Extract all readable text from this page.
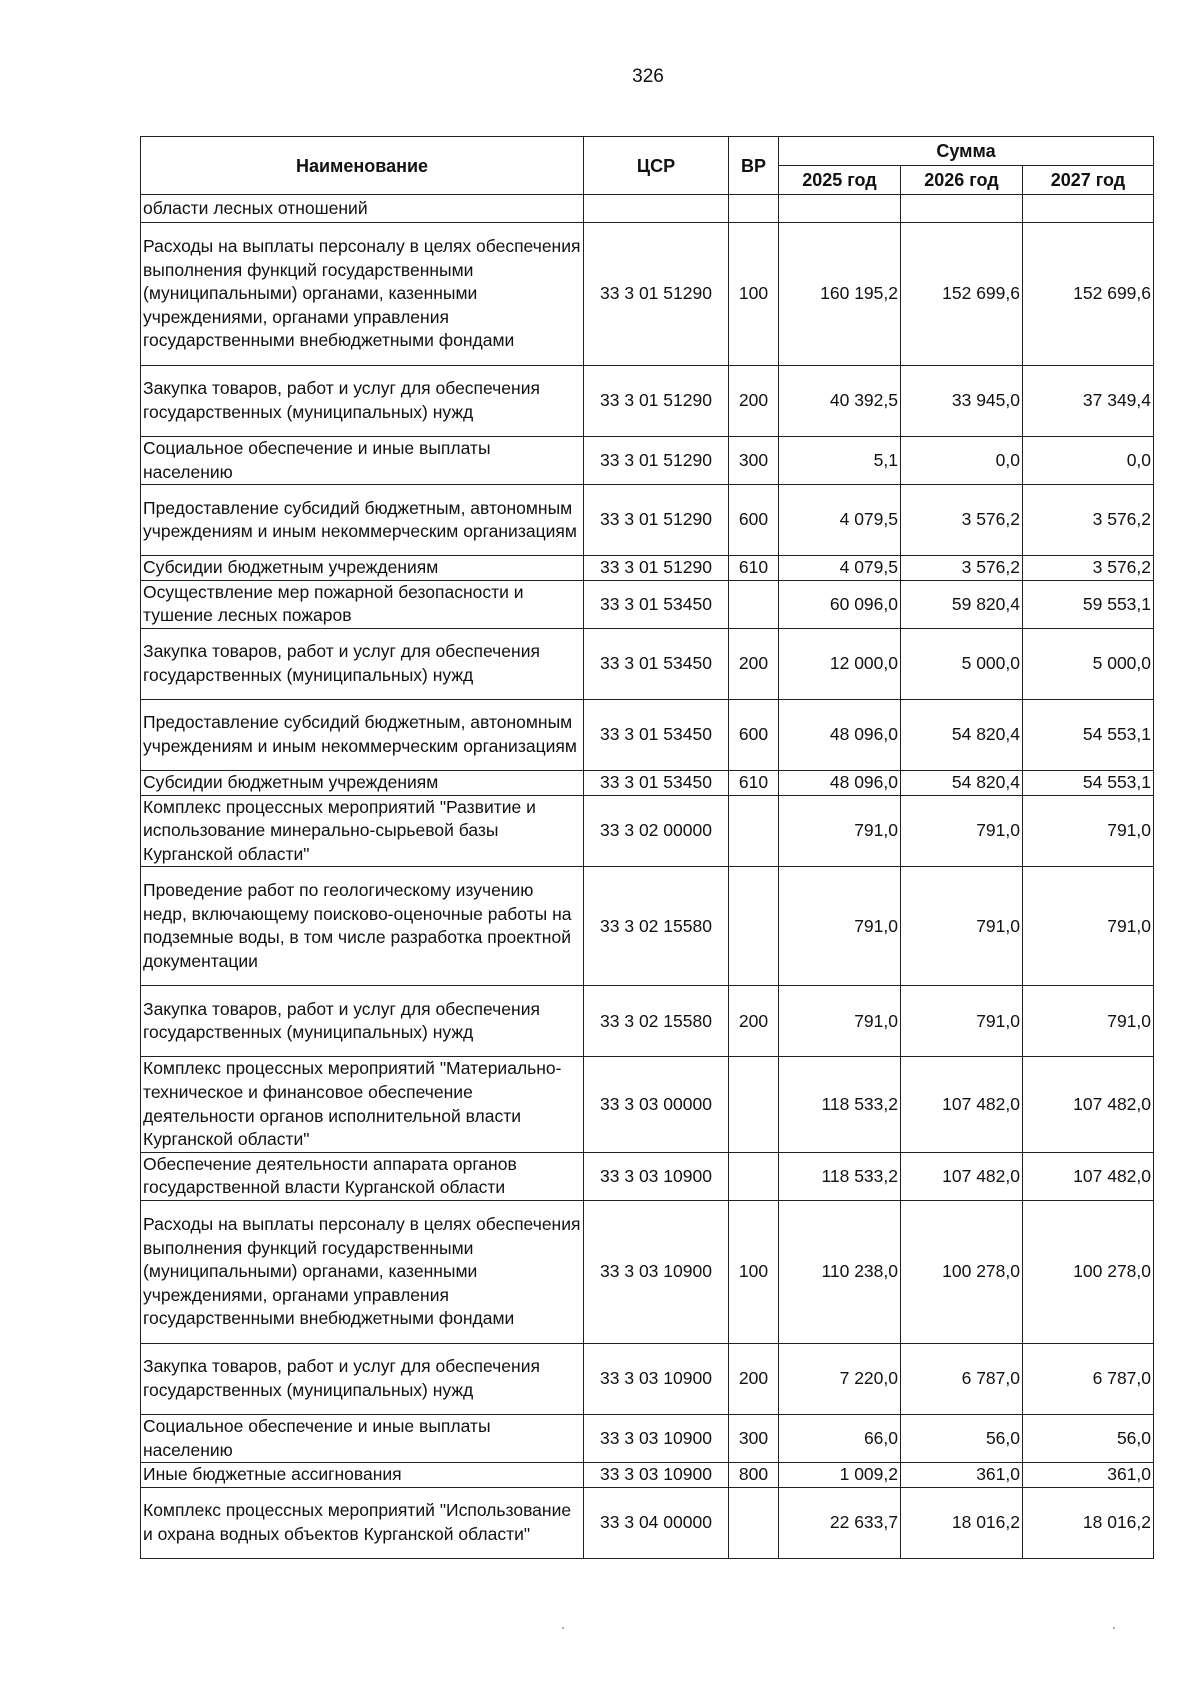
326
Наименование	ЦСР	ВР	Сумма		
			2025 год	2026 год	2027 год
области лесных отношений					
Расходы на выплаты персоналу в целях обеспечения выполнения функций государственными (муниципальными) органами, казенными учреждениями, органами управления государственными внебюджетными фондами	33 3 01 51290	100	160 195,2	152 699,6	152 699,6
Закупка товаров, работ и услуг для обеспечения государственных (муниципальных) нужд	33 3 01 51290	200	40 392,5	33 945,0	37 349,4
Социальное обеспечение и иные выплаты населению	33 3 01 51290	300	5,1	0,0	0,0
Предоставление субсидий бюджетным, автономным учреждениям и иным некоммерческим организациям	33 3 01 51290	600	4 079,5	3 576,2	3 576,2
Субсидии бюджетным учреждениям	33 3 01 51290	610	4 079,5	3 576,2	3 576,2
Осуществление мер пожарной безопасности и тушение лесных пожаров	33 3 01 53450		60 096,0	59 820,4	59 553,1
Закупка товаров, работ и услуг для обеспечения государственных (муниципальных) нужд	33 3 01 53450	200	12 000,0	5 000,0	5 000,0
Предоставление субсидий бюджетным, автономным учреждениям и иным некоммерческим организациям	33 3 01 53450	600	48 096,0	54 820,4	54 553,1
Субсидии бюджетным учреждениям	33 3 01 53450	610	48 096,0	54 820,4	54 553,1
Комплекс процессных мероприятий "Развитие и использование минерально-сырьевой базы Курганской области"	33 3 02 00000		791,0	791,0	791,0
Проведение работ по геологическому изучению недр, включающему поисково-оценочные работы на подземные воды, в том числе разработка проектной документации	33 3 02 15580		791,0	791,0	791,0
Закупка товаров, работ и услуг для обеспечения государственных (муниципальных) нужд	33 3 02 15580	200	791,0	791,0	791,0
Комплекс процессных мероприятий "Материально-техническое и финансовое обеспечение деятельности органов исполнительной власти Курганской области"	33 3 03 00000		118 533,2	107 482,0	107 482,0
Обеспечение деятельности аппарата органов государственной власти Курганской области	33 3 03 10900		118 533,2	107 482,0	107 482,0
Расходы на выплаты персоналу в целях обеспечения выполнения функций государственными (муниципальными) органами, казенными учреждениями, органами управления государственными внебюджетными фондами	33 3 03 10900	100	110 238,0	100 278,0	100 278,0
Закупка товаров, работ и услуг для обеспечения государственных (муниципальных) нужд	33 3 03 10900	200	7 220,0	6 787,0	6 787,0
Социальное обеспечение и иные выплаты населению	33 3 03 10900	300	66,0	56,0	56,0
Иные бюджетные ассигнования	33 3 03 10900	800	1 009,2	361,0	361,0
Комплекс процессных мероприятий "Использование и охрана водных объектов Курганской области"	33 3 04 00000		22 633,7	18 016,2	18 016,2
